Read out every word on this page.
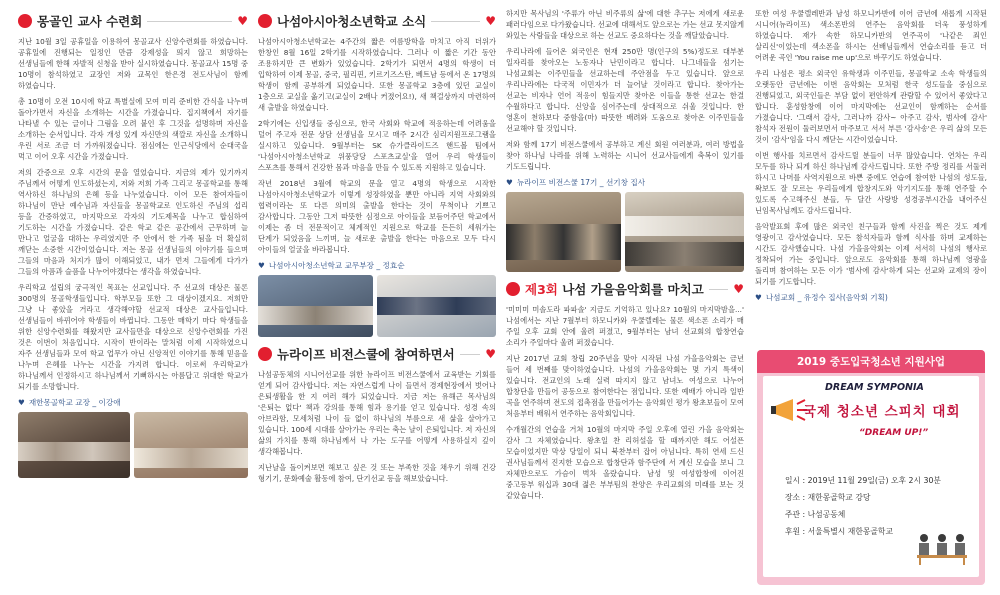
몽골인 교사 수련회	♥

지난 10월 3일 공휴일을 이용하여 몽골교사 신앙수련회를 하였습니다. 공휴일에 진행되는 일정인 만큼 강제성을 띄지 않고 희망하는 선생님들에 한해 자발적 신청을 받아 실시하였습니다. 몽골교사 15명 중 10명이 참석하였고 교장인 저와 교목인 한은경 전도사님이 함께 하였습니다.

총 10명이 오전 10시에 학교 특별실에 모여 미리 준비한 간식을 나누며 돌아가면서 자신을 소개하는 시간을 가졌습니다. 집지책에서 자기를 나타낼 수 있는 글이나 그림을 오려 붙인 후 그것을 설명하며 자신을 소개하는 순서입니다. 각자 개성 있게 자신만의 색깔로 자신을 소개하니 우린 서로 조금 더 가까워졌습니다. 점심에는 인근식당에서 순대국을 먹고 이어 오후 시간을 가졌습니다.

저의 간증으로 오후 시간의 문을 열었습니다. 지금의 제가 있기까지 주님께서 어떻게 인도하셨는지, 저와 저희 가족 그리고 몽골학교를 통해 역사하신 하나님의 은혜 등을 나누었습니다. 이어 모든 참여자들이 하나님이 만난 예수님과 자신들을 몽골학교로 인도하신 주님의 섭리 등을 간증하였고, 마지막으로 각자의 기도제목을 나누고 합심하여 기도하는 시간을 가졌습니다. 같은 학교 같은 공간에서 근무하며 늘 만나고 얼굴을 대하는 우리였지만 주 안에서 한 가족 됨을 더 확실히 깨닫는 소중한 시간이었습니다. 저는 몽골 선생님들의 이야기를 들으며 그들의 마음과 처지가 많이 이해되었고, 내가 먼저 그들에게 다가가 그들의 아픔과 슬픔을 나누어야겠다는 생각을 하였습니다.

우리학교 설립의 궁극적인 목표는 선교입니다. 주 선교의 대상은 물론 300명의 몽골학생들입니다. 학부모들 또한 그 대상이겠지요. 저희만 그냥 나 좋았을 거라고 생각해야할 선교적 대상은 교사들입니다. 선생님들이 바뀌어야 학생들이 바뀝니다. 그동안 매학기 마다 학생들을 위한 신앙수련회를 해왔지만 교사들만을 대상으로 신앙수련회를 가진 것은 이번이 처음입니다. 시작이 반이라는 말처럼 이제 시작하였으니 자주 선생님들과 모여 학교 업무가 아닌 신앙적인 이야기를 통해 믿음을 나누며 은혜를 나누는 시간을 가지려 합니다. 이로써 우리학교가 하나님께서 인정하시고 하나님께서 기뻐하시는 아름답고 위대한 학교가 되기를 소망합니다.

♥ 재한몽골학교 교장 _ 이강애
나섬아시아청소년학교 소식	♥

나섬아시아청소년학교는 4주간의 짧은 여름방학을 마치고 아직 더위가 한창인 8월 16일 2학기를 시작하였습니다. 그러나 이 짧은 기간 동안 조용하지만 큰 변화가 있었습니다. 2학기가 되면서 4명의 학생이 더 입학하여 이제 몽골, 중국, 필리핀, 키르기즈스탄, 베트남 등에서 온 17명의 학생이 함께 공부하게 되었습니다. 또한 몽골학교 3층에 있던 교실이 1층으로 교실을 옮기고(교실이 2배나 커졌어요!), 새 책걸상까지 마련하여 새 출발을 하였습니다.

2학기에는 신입생들 중심으로, 한국 사회와 학교에 적응하는데 어려움을 덜어 주고자 전문 상담 선생님을 모시고 매주 2시간 심리지원프로그램을 실시하고 있습니다. 9월부터는 SK 슈가클라이드즈 핸드볼 팀에서 '나섬아시아청소년학교 위풍당당 스포츠교실'을 열어 우리 학생들이 스포츠를 통해서 건강한 몸과 마음을 만들 수 있도록 지원하고 있습니다.

작년 2018년 3월에 학교의 문을 열고 4명의 학생으로 시작한 나섬아시아청소년학교가 이렇게 성장하였을 뿐만 아니라 지역 사회와의 협력이라는 또 다른 의미의 출발을 한다는 것이 무척이나 기쁘고 감사합니다. 그동안 그저 따뜻한 심정으로 아이들을 보듬어주던 학교에서 이제는 좀 더 전문적이고 체계적인 지원으로 학교를 든든히 세워가는 단계가 되었음을 느끼며, 늘 새로운 출발을 한다는 마음으로 모두 다시 아이들의 얼굴을 바라봅니다.

♥ 나섬아시아청소년학교 교무부장 _ 정효순
뉴라이프 비전스쿨에 참여하면서	♥

나섬공동체의 시니어선교를 위한 뉴라이프 비전스쿨에서 교육받는 기회를 얻게 되어 감사합니다. 저는 자연스럽게 나이 들면서 경제현장에서 벗어나 은퇴생활을 한 지 여러 해가 되었습니다. 지금 저는 유해근 목사님의 '은퇴는 없다' 책과 강의를 통해 힘과 용기를 얻고 있습니다. 성경 속의 아브라함, 모세처럼 나이 들 없이 하나님의 부름으로 새 삶을 살아가고 있습니다. 100세 시대를 살아가는 우리는 축는 날이 은퇴입니다. 저 자신의 삶의 가치를 통해 하나님께서 나 가는 도구를 어떻게 사용하실지 깊이 생각해봅니다.

지난날을 돌이켜보면 해보고 싶은 것 또는 부족한 것을 채우기 위해 건강 형기기, 문화예술 활동에 참여, 단기선교 등을 해보았습니다.

하지만 목사님의 '주류가 아닌 비주류의 삶'에 대한 추구는 저에게 새로운 패러다임으로 다가왔습니다. 선교에 대해서도 앞으로는 가는 선교 못지않게 와있는 사람들을 대상으로 하는 선교도 중요하다는 것을 깨달았습니다.

우리나라에 들어온 외국인은 현재 250만 명(인구의 5%)정도로 대부분 일자리를 찾아오는 노동자나 난민이라고 합니다. 나그네들을 섬기는 나섬교회는 이주민들을 선교하는데 주안점을 두고 있습니다. 앞으로 우리나라에는 다국적 이민자가 더 늘어날 것이라고 합니다. 찾아가는 선교는 비자나 언어 적응이 힘들지만 찾아온 이들을 통한 선교는 한결 수월하다고 합니다. 신앙을 심어주는데 상대적으로 쉬울 것입니다. 한 영혼이 천하보다 중함을(마) 따뜻한 배려와 도움으로 찾아온 이주민들을 선교해야 할 것입니다.

저와 함께 17기 비전스쿨에서 공부하고 계신 회원 여러분과, 여러 방법을 찾아 하나님 나라를 위해 노력하는 시니어 선교사들에게 축복이 있기를 기도드립니다.

♥ 뉴라이프 비전스쿨 17기 _ 선기창 집사
제3회 나섬 가을음악회를 마치고 ♥

'미미미 미솔도라 파파솔' 지금도 기억하고 있나요? 10월의 마지막밤을...' 나섬에서는 지난 7월부터 하모니카와 우쿨렐레는 물론 색소폰 소리가 매 주일 오후 교회 안에 울려 퍼졌고, 9월부터는 남녀 선교회의 합창연습 소리가 주일마다 울려 퍼졌습니다.

지난 2017년 교회 창립 20주년을 맞아 시작된 나섬 가을음악회는 금년 들어 세 번째를 맞이하였습니다. 나섬의 가을음악회는 몇 가지 특색이 있습니다. 전교인의 노래 실력 따지지 않고 남녀노 여성으로 나누어 합창단을 만들어 공동으로 참여한다는 점입니다. 또한 예배가 아니라 일반 곡을 연주하며 전도의 접촉점을 만들어가는 음악회인 평가 왕초보들이 모여 처음부터 배워서 연주하는 음악회입니다.

수개월간의 연습을 거쳐 10월의 마지막 주일 오후에 열린 가을 음악회는 감사 그 자체였습니다. 왕초일 찬 리허설을 할 때까지만 해도 어설픈 모습이었지만 막상 당일이 되니 북찬부터 잡어 아님니다. 특히 연세 드신 권사님들께서 진지한 모습으로 합창단과 함주단에 서 계신 모습을 보니 그 자체만으로도 가슴이 벅차 올랐습니다. 남성 및 여성합창에 이어진 중고등부 워십과 30대 젊은 부부팀의 찬양은 우리교회의 미래를 보는 것 같았습니다.

또한 여성 우쿨렐레반과 남성 하모니카반에 이어 금년에 새롭게 시작된 시니어(뉴라이프) 색소폰반의 연주는 음악회를 더욱 풍성하게 하였습니다. 재가 속한 하모니카반의 연주곡이 '나같은 죄인 살리신'이었는데 색소폰을 하시는 선배님들께서 연습소리를 듣고 더 어려운 곡인 'You raise me up'으로 바꾸기도 하였습니다.

우리 나섬은 평소 외국인 유학생과 이주민들, 몽골학교 소속 학생들의 오랫동안 금년에는 이번 음악회는 모처럼 한국 성도들을 중심으로 진행되었고, 외국인들은 부담 없이 편안하게 관람할 수 있어서 좋았다고 합니다. 훈성함창에 이어 마지막에는 선교인이 함께하는 순서를 가졌습니다. '그래서 감사, 그러나까 감사~ 아주고 감사, 범사에 감사' 참석자 전원이 둘러보면서 마주보고 서서 부른 '감사송'은 우리 삶의 모든 것이 '감사'임을 다시 깨닫는 시간이었습니다.

이번 행사를 치르면서 감사드릴 분들이 너무 많았습니다. 연차는 우리 모두를 하나 되게 하신 하나님께 감사드립니다. 또한 주방 정리를 서둘러 하시고 나머를 사역지원으로 바쁜 중에도 연습에 참여한 나섬의 성도들, 왁보도 잘 모르는 우리들에게 합창지도와 악기지도를 통해 연주할 수 있도록 수고해주신 분들, 두 달간 사랑방 성경공부시간을 내어주신 닌임목사님께도 감사드립니다.

음악발표회 후에 많은 외국인 친구들과 함께 사진을 찍은 것도 제게 영광이고 감사였습니다. 모든 참석자들과 함께 식사를 하며 교제하는 시간도 감사했습니다. 나섬 가을음악회는 이제 서서히 나섬의 행사로 정착되어 가는 중입니다. 앞으로도 음악회를 통해 하나님께 영광을 돌리며 참여하는 모든 이가 '범사에 감사'하게 되는 선교와 교제의 장이 되기를 기도합니다.

♥ 나섬교회 _ 유정수 집사(음악회 기획)
2019 중도입국청소년 지원사업
DREAM SYMPONIA
국제 청소년 스피치 대회
“DREAM UP!”
일시 : 2019년 11월 29일(금) 오후 2시 30분
장소 : 재한몽골학교 강당
주관 : 나섬공동체
후원 : 서울특별시 재한몽골학교
